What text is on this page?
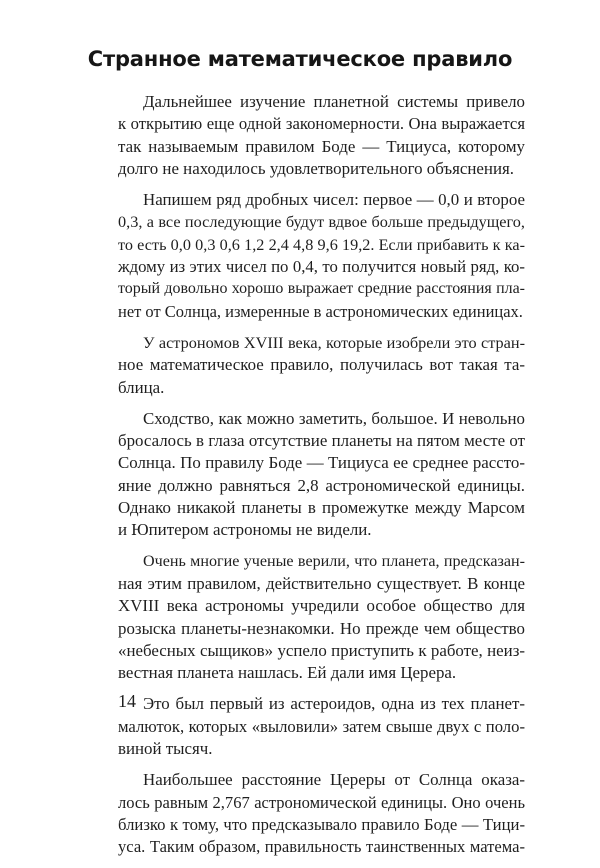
Странное математическое правило
Дальнейшее изучение планетной системы привело
к открытию еще одной закономерности. Она выражается
так называемым правилом Боде — Тициуса, которому
долго не находилось удовлетворительного объяснения.
Напишем ряд дробных чисел: первое — 0,0 и второе
0,3, а все последующие будут вдвое больше предыдущего,
то есть 0,0 0,3 0,6 1,2 2,4 4,8 9,6 19,2. Если прибавить к ка-
ждому из этих чисел по 0,4, то получится новый ряд, ко-
торый довольно хорошо выражает средние расстояния пла-
нет от Солнца, измеренные в астрономических единицах.
У астрономов XVIII века, которые изобрели это стран-
ное математическое правило, получилась вот такая та-
блица.
Сходство, как можно заметить, большое. И невольно
бросалось в глаза отсутствие планеты на пятом месте от
Солнца. По правилу Боде — Тициуса ее среднее рассто-
яние должно равняться 2,8 астрономической единицы.
Однако никакой планеты в промежутке между Марсом
и Юпитером астрономы не видели.
Очень многие ученые верили, что планета, предсказан-
ная этим правилом, действительно существует. В конце
XVIII века астрономы учредили особое общество для
розыска планеты-незнакомки. Но прежде чем общество
«небесных сыщиков» успело приступить к работе, неиз-
вестная планета нашлась. Ей дали имя Церера.
Это был первый из астероидов, одна из тех планет-
малюток, которых «выловили» затем свыше двух с поло-
виной тысяч.
Наибольшее расстояние Цереры от Солнца оказа-
лось равным 2,767 астрономической единицы. Оно очень
близко к тому, что предсказывало правило Боде — Тици-
уса. Таким образом, правильность таинственных матема-
14
